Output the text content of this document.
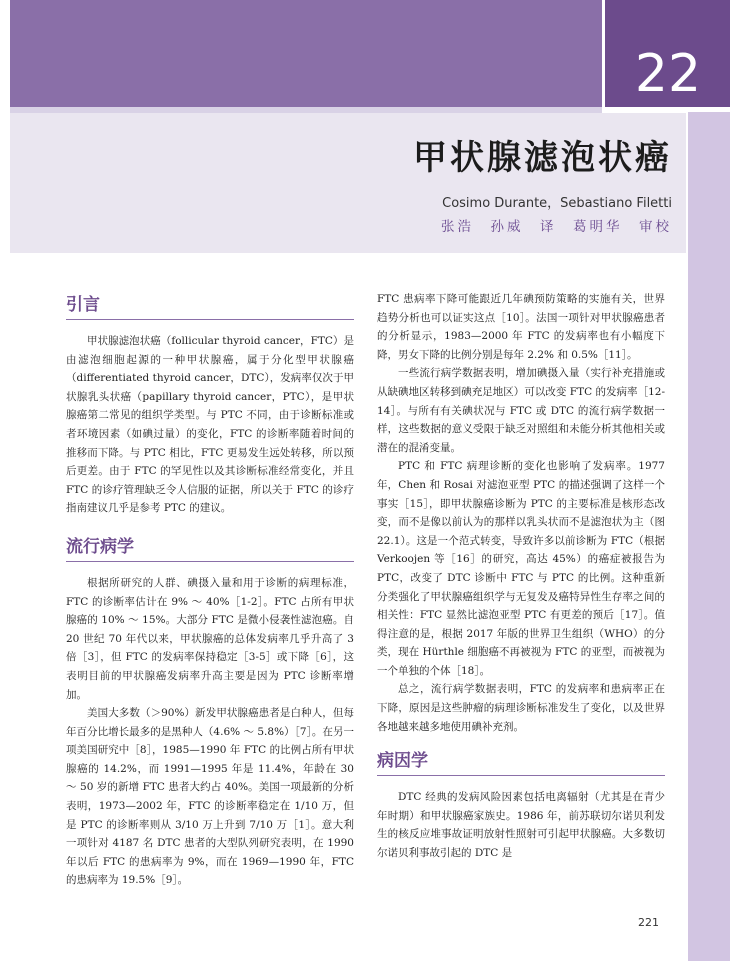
22
甲状腺滤泡状癌
Cosimo Durante，Sebastiano Filetti
张浩　孙威　译　葛明华　审校
引言

甲状腺滤泡状癌（follicular thyroid cancer，FTC）是由滤泡细胞起源的一种甲状腺癌，属于分化型甲状腺癌（differentiated thyroid cancer，DTC），发病率仅次于甲状腺乳头状癌（papillary thyroid cancer，PTC），是甲状腺癌第二常见的组织学类型。与 PTC 不同，由于诊断标准或者环境因素（如碘过量）的变化，FTC 的诊断率随着时间的推移而下降。与 PTC 相比，FTC 更易发生远处转移，所以预后更差。由于 FTC 的罕见性以及其诊断标准经常变化，并且 FTC 的诊疗管理缺乏令人信服的证据，所以关于 FTC 的诊疗指南建议几乎是参考 PTC 的建议。

流行病学

根据所研究的人群、碘摄入量和用于诊断的病理标准，FTC 的诊断率估计在 9% ～ 40%［1-2］。FTC 占所有甲状腺癌的 10% ～ 15%。大部分 FTC 是微小侵袭性滤泡癌。自 20 世纪 70 年代以来，甲状腺癌的总体发病率几乎升高了 3 倍［3］，但 FTC 的发病率保持稳定［3-5］或下降［6］，这表明目前的甲状腺癌发病率升高主要是因为 PTC 诊断率增加。

美国大多数（＞90%）新发甲状腺癌患者是白种人，但每年百分比增长最多的是黑种人（4.6% ～ 5.8%）［7］。在另一项美国研究中［8］，1985—1990 年 FTC 的比例占所有甲状腺癌的 14.2%，而 1991—1995 年是 11.4%，年龄在 30 ～ 50 岁的新增 FTC 患者大约占 40%。美国一项最新的分析表明，1973—2002 年，FTC 的诊断率稳定在 1/10 万，但是 PTC 的诊断率则从 3/10 万上升到 7/10 万［1］。意大利一项针对 4187 名 DTC 患者的大型队列研究表明，在 1990 年以后 FTC 的患病率为 9%，而在 1969—1990 年，FTC 的患病率为 19.5%［9］。

FTC 患病率下降可能跟近几年碘预防策略的实施有关，世界趋势分析也可以证实这点［10］。法国一项针对甲状腺癌患者的分析显示，1983—2000 年 FTC 的发病率也有小幅度下降，男女下降的比例分别是每年 2.2% 和 0.5%［11］。

一些流行病学数据表明，增加碘摄入量（实行补充措施或从缺碘地区转移到碘充足地区）可以改变 FTC 的发病率［12-14］。与所有有关碘状况与 FTC 或 DTC 的流行病学数据一样，这些数据的意义受限于缺乏对照组和未能分析其他相关或潜在的混淆变量。

PTC 和 FTC 病理诊断的变化也影响了发病率。1977 年，Chen 和 Rosai 对滤泡亚型 PTC 的描述强调了这样一个事实［15］，即甲状腺癌诊断为 PTC 的主要标准是核形态改变，而不是像以前认为的那样以乳头状而不是滤泡状为主（图 22.1）。这是一个范式转变，导致许多以前诊断为 FTC（根据 Verkoojen 等［16］的研究，高达 45%）的癌症被报告为 PTC，改变了 DTC 诊断中 FTC 与 PTC 的比例。这种重新分类强化了甲状腺癌组织学与无复发及癌特异性生存率之间的相关性：FTC 显然比滤泡亚型 PTC 有更差的预后［17］。值得注意的是，根据 2017 年版的世界卫生组织（WHO）的分类，现在 Hürthle 细胞癌不再被视为 FTC 的亚型，而被视为一个单独的个体［18］。

总之，流行病学数据表明，FTC 的发病率和患病率正在下降，原因是这些肿瘤的病理诊断标准发生了变化，以及世界各地越来越多地使用碘补充剂。

病因学

DTC 经典的发病风险因素包括电离辐射（尤其是在青少年时期）和甲状腺癌家族史。1986 年，前苏联切尔诺贝利发生的核反应堆事故证明放射性照射可引起甲状腺癌。大多数切尔诺贝利事故引起的 DTC 是

221
